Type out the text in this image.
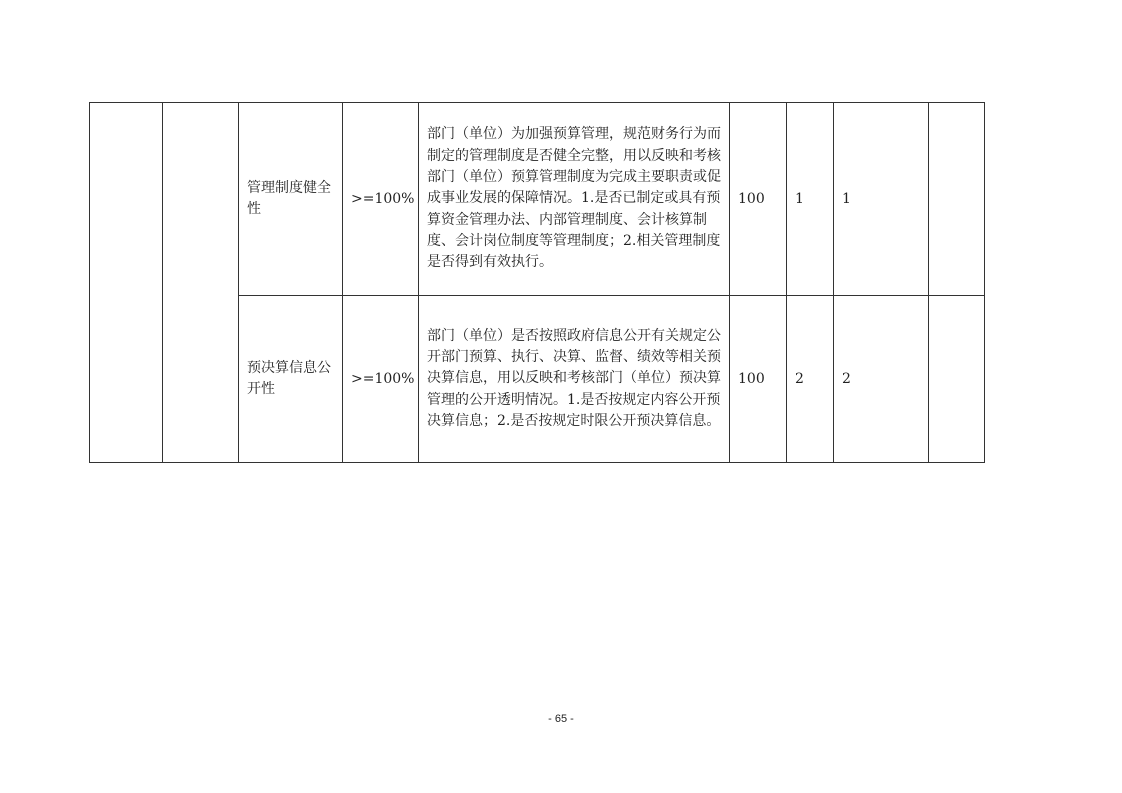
		管理制度健全性	>=100%	部门（单位）为加强预算管理，规范财务行为而制定的管理制度是否健全完整，用以反映和考核部门（单位）预算管理制度为完成主要职责或促成事业发展的保障情况。1.是否已制定或具有预算资金管理办法、内部管理制度、会计核算制度、会计岗位制度等管理制度；2.相关管理制度是否得到有效执行。	100	1	1	
		预决算信息公开性	>=100%	部门（单位）是否按照政府信息公开有关规定公开部门预算、执行、决算、监督、绩效等相关预决算信息，用以反映和考核部门（单位）预决算管理的公开透明情况。1.是否按规定内容公开预决算信息；2.是否按规定时限公开预决算信息。	100	2	2	
- 65 -
